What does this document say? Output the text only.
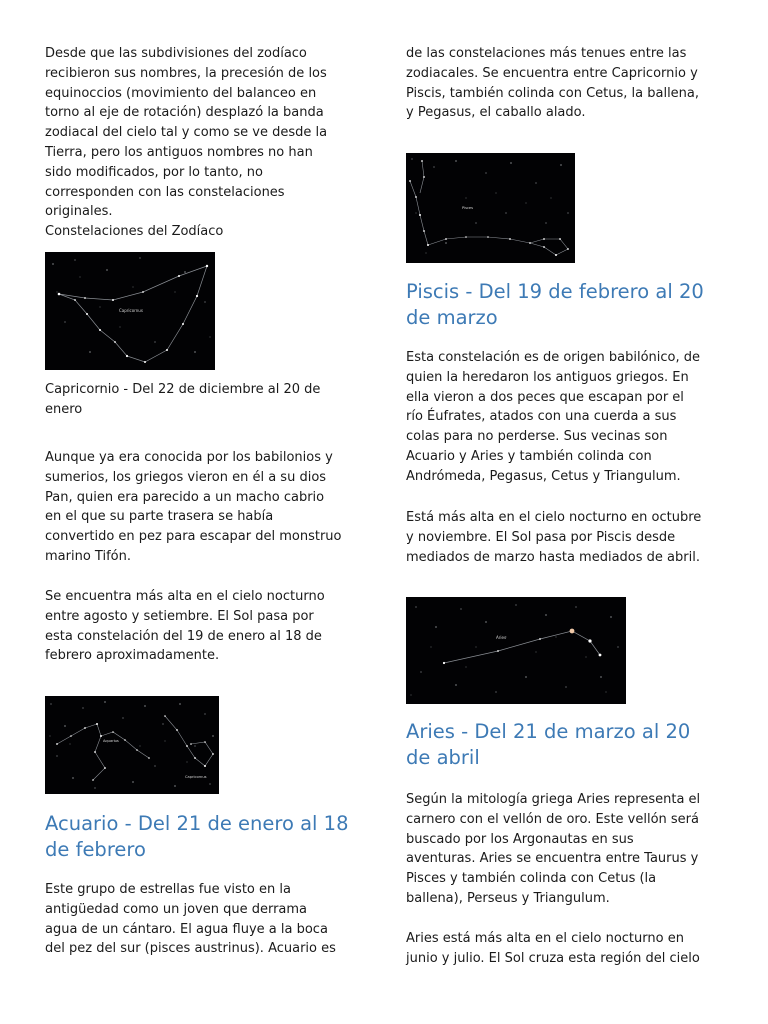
Desde que las subdivisiones del zodíaco

recibieron sus nombres, la precesión de los

equinoccios (movimiento del balanceo en

torno al eje de rotación) desplazó la banda

zodiacal del cielo tal y como se ve desde la

Tierra, pero los antiguos nombres no han

sido modificados, por lo tanto, no

corresponden con las constelaciones

originales.

Constelaciones del Zodíaco

Capricornus

Capricornio - Del 22 de diciembre al 20 de

enero

Aunque ya era conocida por los babilonios y

sumerios, los griegos vieron en él a su dios

Pan, quien era parecido a un macho cabrio

en el que su parte trasera se había

convertido en pez para escapar del monstruo

marino Tifón.

Se encuentra más alta en el cielo nocturno

entre agosto y setiembre. El Sol pasa por

esta constelación del 19 de enero al 18 de

febrero aproximadamente.

Aquarius
Capricornus
Acuario - Del 21 de enero al 18
de febrero

Este grupo de estrellas fue visto en la

antigüedad como un joven que derrama

agua de un cántaro. El agua fluye a la boca

del pez del sur (pisces austrinus). Acuario es

de las constelaciones más tenues entre las

zodiacales. Se encuentra entre Capricornio y

Piscis, también colinda con Cetus, la ballena,

y Pegasus, el caballo alado.

Pisces
Piscis - Del 19 de febrero al 20
de marzo

Esta constelación es de origen babilónico, de

quien la heredaron los antiguos griegos. En

ella vieron a dos peces que escapan por el

río Éufrates, atados con una cuerda a sus

colas para no perderse. Sus vecinas son

Acuario y Aries y también colinda con

Andrómeda, Pegasus, Cetus y Triangulum.

Está más alta en el cielo nocturno en octubre

y noviembre. El Sol pasa por Piscis desde

mediados de marzo hasta mediados de abril.

Aries
Aries - Del 21 de marzo al 20
de abril

Según la mitología griega Aries representa el

carnero con el vellón de oro. Este vellón será

buscado por los Argonautas en sus

aventuras. Aries se encuentra entre Taurus y

Pisces y también colinda con Cetus (la

ballena), Perseus y Triangulum.

Aries está más alta en el cielo nocturno en

junio y julio. El Sol cruza esta región del cielo
